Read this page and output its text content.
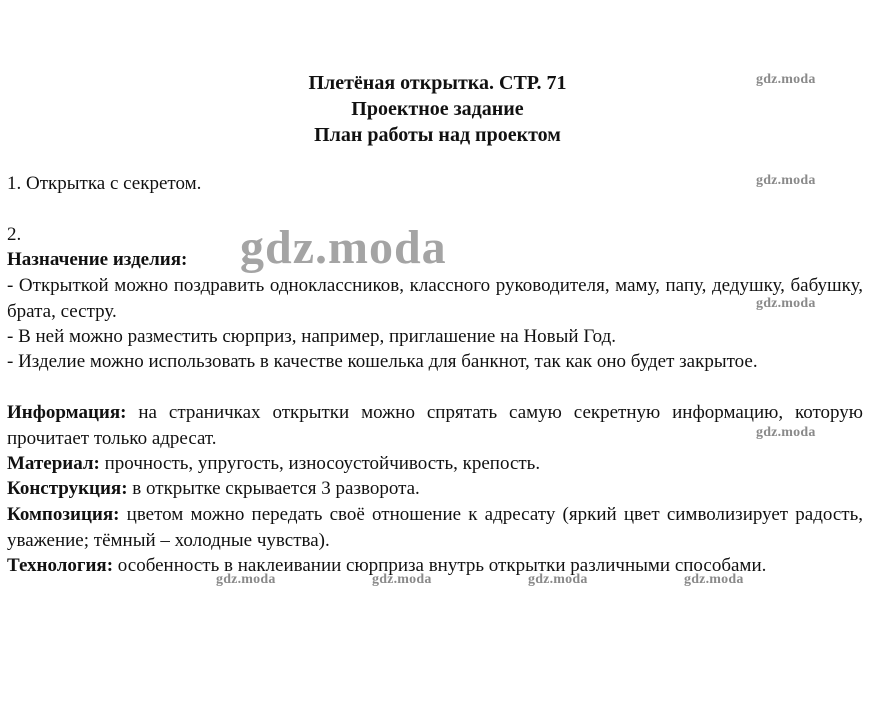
Плетёная открытка. СТР. 71
Проектное задание
План работы над проектом
1. Открытка с секретом.
2.
Назначение изделия:
- Открыткой можно поздравить одноклассников, классного руководителя, маму, папу, дедушку, бабушку, брата, сестру.
- В ней можно разместить сюрприз, например, приглашение на Новый Год.
- Изделие можно использовать в качестве кошелька для банкнот, так как оно будет закрытое.
Информация: на страничках открытки можно спрятать самую секретную информацию, которую прочитает только адресат.
Материал: прочность, упругость, износоустойчивость, крепость.
Конструкция: в открытке скрывается 3 разворота.
Композиция: цветом можно передать своё отношение к адресату (яркий цвет символизирует радость, уважение; тёмный – холодные чувства).
Технология: особенность в наклеивании сюрприза внутрь открытки различными способами.
gdz.moda
gdz.moda
gdz.moda
gdz.moda
gdz.moda
gdz.moda	gdz.moda	gdz.moda	gdz.moda
